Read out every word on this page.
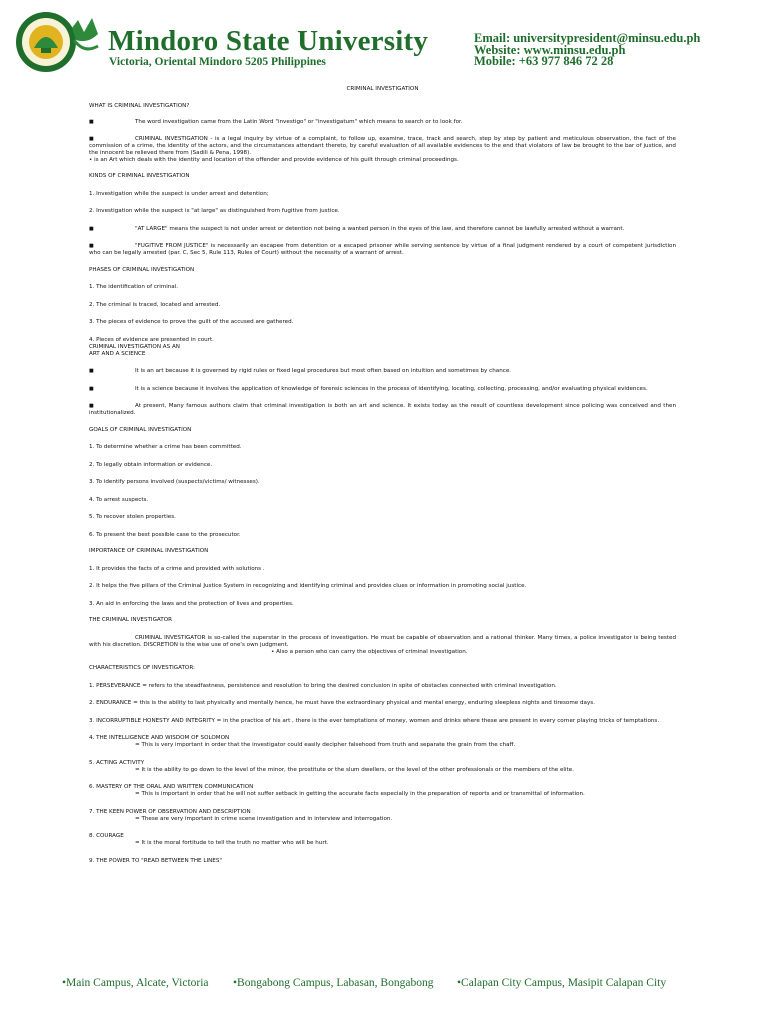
Mindoro State University
Victoria, Oriental Mindoro 5205 Philippines
Email: universitypresident@minsu.edu.ph
Website: www.minsu.edu.ph
Mobile: +63 977 846 72 28

CRIMINAL INVESTIGATION

WHAT IS CRIMINAL INVESTIGATION?

■The word investigation came from the Latin Word "investigo" or "investigatum" which means to search or to look for.

■CRIMINAL INVESTIGATION - is a legal inquiry by virtue of a complaint, to follow up, examine, trace, track and search, step by step by patient and meticulous observation, the fact of the commission of a crime, the identity of the actors, and the circumstances attendant thereto, by careful evaluation of all available evidences to the end that violators of law be brought to the bar of justice, and the innocent be relieved there from (Sadili & Pena, 1998).

• is an Art which deals with the identity and location of the offender and provide evidence of his guilt through criminal proceedings.

KINDS OF CRIMINAL INVESTIGATION

1. Investigation while the suspect is under arrest and detention;

2. Investigation while the suspect is "at large" as distinguished from fugitive from justice.

■"AT LARGE" means the suspect is not under arrest or detention not being a wanted person in the eyes of the law, and therefore cannot be lawfully arrested without a warrant.

■"FUGITIVE FROM JUSTICE" is necessarily an escapee from detention or a escaped prisoner while serving sentence by virtue of a final judgment rendered by a court of competent jurisdiction who can be legally arrested (par. C, Sec 5, Rule 113, Rules of Court) without the necessity of a warrant of arrest.

PHASES OF CRIMINAL INVESTIGATION

1. The identification of criminal.

2. The criminal is traced, located and arrested.

3. The pieces of evidence to prove the guilt of the accused are gathered.

4. Pieces of evidence are presented in court.

CRIMINAL INVESTIGATION AS AN

ART AND A SCIENCE

■It is an art because it is governed by rigid rules or fixed legal procedures but most often based on intuition and sometimes by chance.

■It is a science because it involves the application of knowledge of forensic sciences in the process of identifying, locating, collecting, processing, and/or evaluating physical evidences.

■At present, Many famous authors claim that criminal investigation is both an art and science. It exists today as the result of countless development since policing was conceived and then institutionalized.

GOALS OF CRIMINAL INVESTIGATION

1. To determine whether a crime has been committed.

2. To legally obtain information or evidence.

3. To identify persons involved (suspects/victims/ witnesses).

4. To arrest suspects.

5. To recover stolen properties.

6. To present the best possible case to the prosecutor.

IMPORTANCE OF CRIMINAL INVESTIGATION

1. It provides the facts of a crime and provided with solutions .

2. It helps the five pillars of the Criminal Justice System in recognizing and identifying criminal and provides clues or information in promoting social justice.

3. An aid in enforcing the laws and the protection of lives and properties.

THE CRIMINAL INVESTIGATOR

CRIMINAL INVESTIGATOR is so-called the superstar in the process of investigation. He must be capable of observation and a rational thinker. Many times, a police investigator is being tested with his discretion. DISCRETION is the wise use of one's own judgment.

• Also a person who can carry the objectives of criminal investigation.

CHARACTERISTICS OF INVESTIGATOR:

1. PERSEVERANCE = refers to the steadfastness, persistence and resolution to bring the desired conclusion in spite of obstacles connected with criminal investigation.

2. ENDURANCE = this is the ability to last physically and mentally hence, he must have the extraordinary physical and mental energy, enduring sleepless nights and tiresome days.

3. INCORRUPTIBLE HONESTY AND INTEGRITY = in the practice of his art , there is the ever temptations of money, women and drinks where these are present in every corner playing tricks of temptations.

4. THE INTELLIGENCE AND WISDOM OF SOLOMON

= This is very important in order that the investigator could easily decipher falsehood from truth and separate the grain from the chaff.

5. ACTING ACTIVITY

= It is the ability to go down to the level of the minor, the prostitute or the slum dwellers, or the level of the other professionals or the members of the elite.

6. MASTERY OF THE ORAL AND WRITTEN COMMUNICATION

= This is important in order that he will not suffer setback in getting the accurate facts especially in the preparation of reports and or transmittal of information.

7. THE KEEN POWER OF OBSERVATION AND DESCRIPTION

= These are very important in crime scene investigation and in interview and interrogation.

8. COURAGE

= It is the moral fortitude to tell the truth no matter who will be hurt.

9. THE POWER TO "READ BETWEEN THE LINES"

•Main Campus, Alcate, Victoria •Bongabong Campus, Labasan, Bongabong •Calapan City Campus, Masipit Calapan City
